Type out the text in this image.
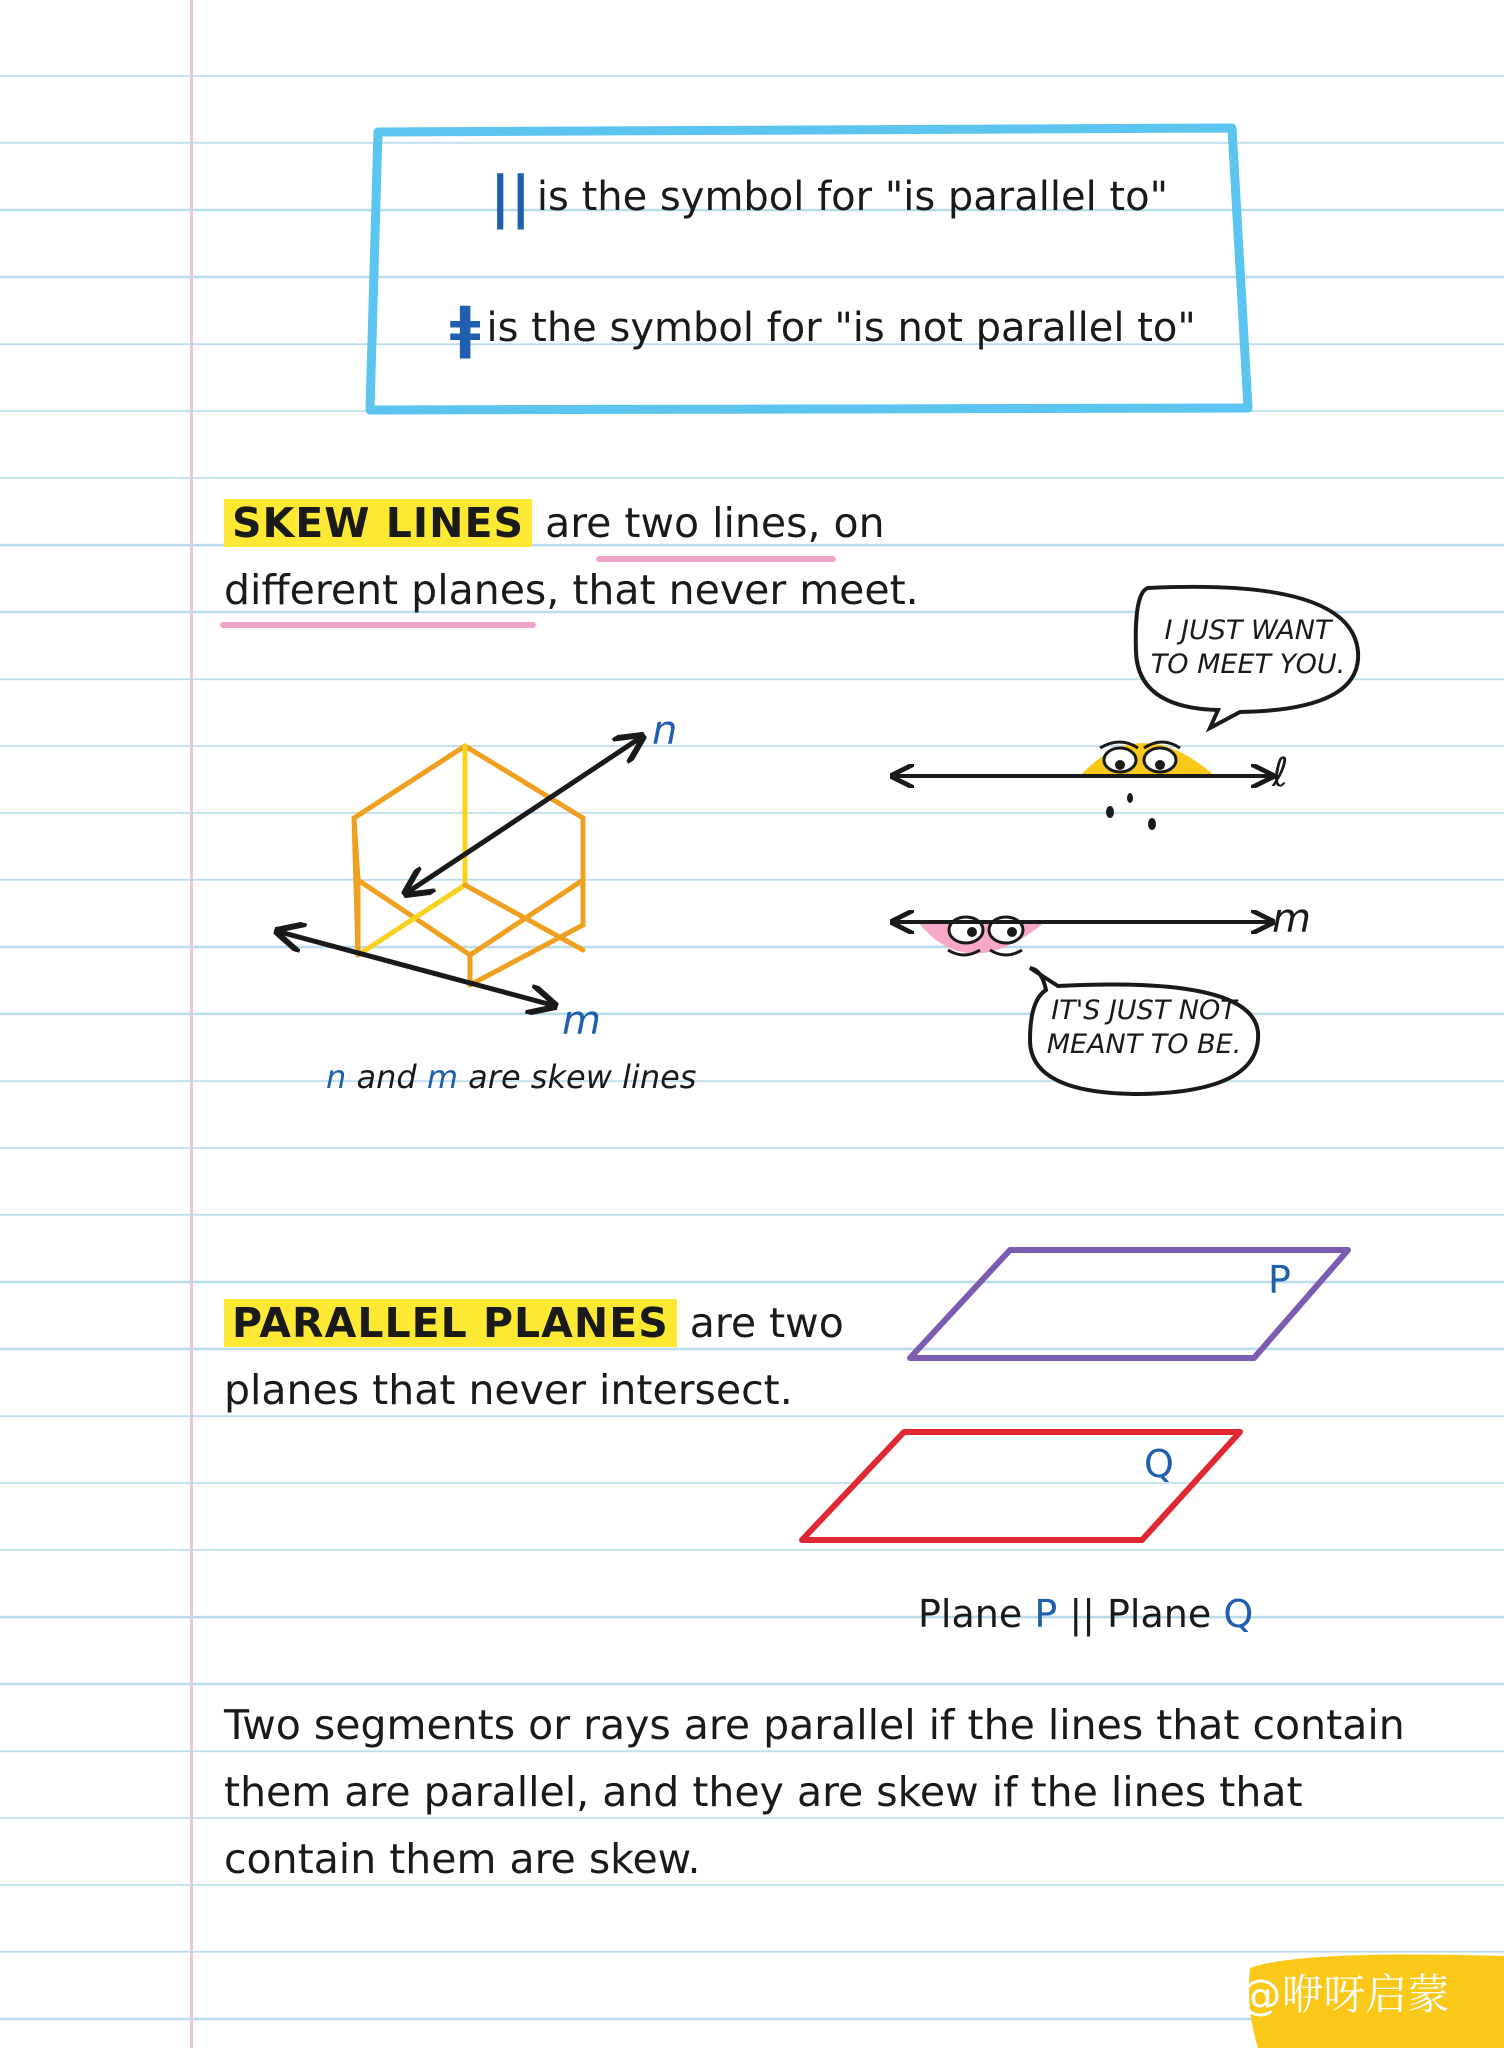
|| is the symbol for "is parallel to"
ǂ is the symbol for "is not parallel to"
SKEW LINES are two lines, on
different planes, that never meet.
n
m
n and m are skew lines
ℓ
m
I JUST WANT
TO MEET YOU.
IT'S JUST NOT
MEANT TO BE.
PARALLEL PLANES are two
planes that never intersect.
P
Q
Plane P || Plane Q
Two segments or rays are parallel if the lines that contain
them are parallel, and they are skew if the lines that
contain them are skew.
知乎 @咿呀启蒙
